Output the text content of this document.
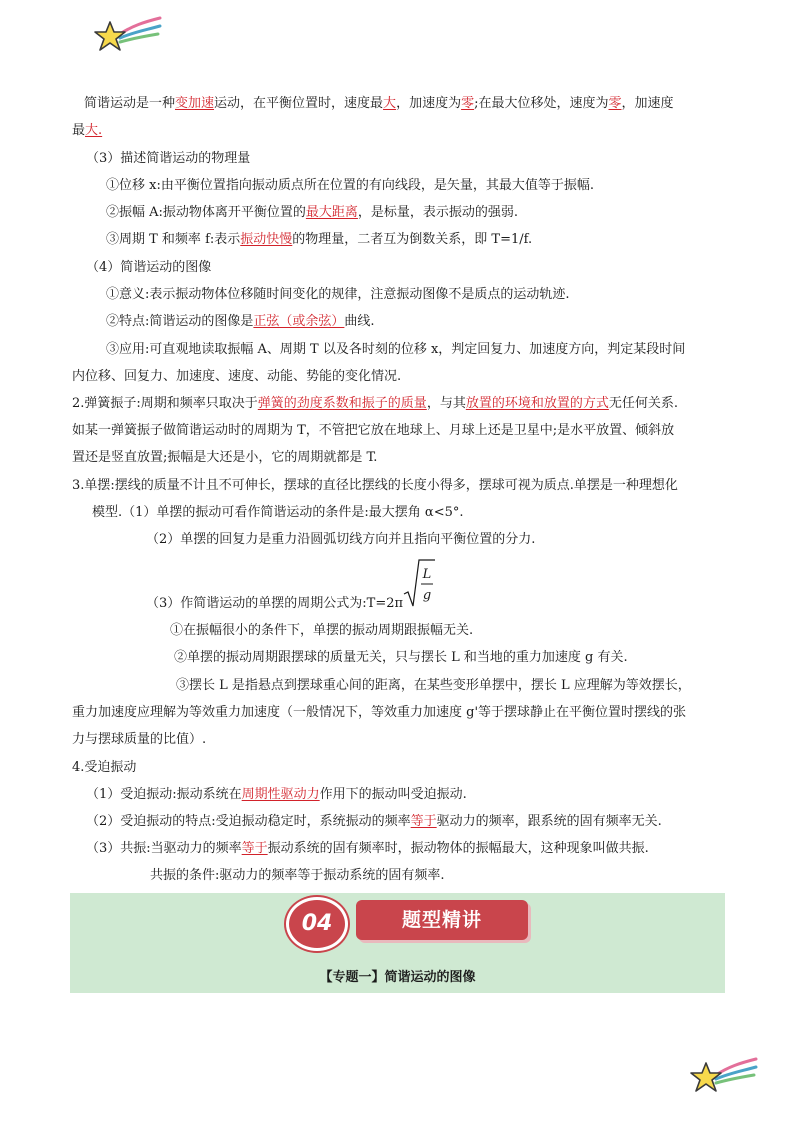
简谐运动是一种变加速运动，在平衡位置时，速度最大，加速度为零;在最大位移处，速度为零，加速度
最大.
（3）描述简谐运动的物理量
①位移 x:由平衡位置指向振动质点所在位置的有向线段，是矢量，其最大值等于振幅.
②振幅 A:振动物体离开平衡位置的最大距离，是标量，表示振动的强弱.
③周期 T 和频率 f:表示振动快慢的物理量，二者互为倒数关系，即 T=1/f.
（4）简谐运动的图像
①意义:表示振动物体位移随时间变化的规律，注意振动图像不是质点的运动轨迹.
②特点:简谐运动的图像是正弦（或余弦）曲线.
③应用:可直观地读取振幅 A、周期 T 以及各时刻的位移 x，判定回复力、加速度方向，判定某段时间
内位移、回复力、加速度、速度、动能、势能的变化情况.
2.弹簧振子:周期和频率只取决于弹簧的劲度系数和振子的质量，与其放置的环境和放置的方式无任何关系.
如某一弹簧振子做简谐运动时的周期为 T，不管把它放在地球上、月球上还是卫星中;是水平放置、倾斜放
置还是竖直放置;振幅是大还是小，它的周期就都是 T.
3.单摆:摆线的质量不计且不可伸长，摆球的直径比摆线的长度小得多，摆球可视为质点.单摆是一种理想化
模型.（1）单摆的振动可看作简谐运动的条件是:最大摆角 α<5°.
（2）单摆的回复力是重力沿圆弧切线方向并且指向平衡位置的分力.
（3）作简谐运动的单摆的周期公式为:T=2π
L
g
①在振幅很小的条件下，单摆的振动周期跟振幅无关.
②单摆的振动周期跟摆球的质量无关，只与摆长 L 和当地的重力加速度 g 有关.
③摆长 L 是指悬点到摆球重心间的距离，在某些变形单摆中，摆长 L 应理解为等效摆长，
重力加速度应理解为等效重力加速度（一般情况下，等效重力加速度 g'等于摆球静止在平衡位置时摆线的张
力与摆球质量的比值）.
4.受迫振动
（1）受迫振动:振动系统在周期性驱动力作用下的振动叫受迫振动.
（2）受迫振动的特点:受迫振动稳定时，系统振动的频率等于驱动力的频率，跟系统的固有频率无关.
（3）共振:当驱动力的频率等于振动系统的固有频率时，振动物体的振幅最大，这种现象叫做共振.
共振的条件:驱动力的频率等于振动系统的固有频率.
04	题型精讲
【专题一】简谐运动的图像
